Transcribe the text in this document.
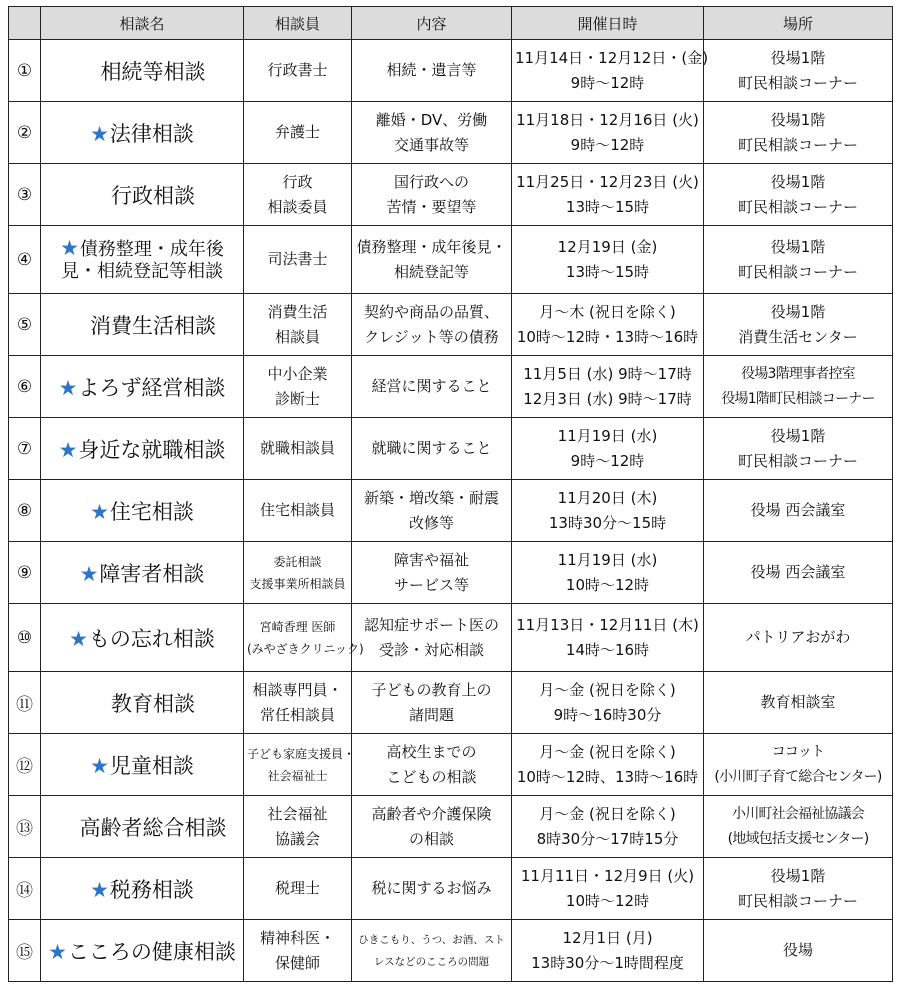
	相談名	相談員	内容	開催日時	場所
①	相続等相談	行政書士	相続・遺言等	11月14日・12月12日・(金)
9時～12時	役場1階
町民相談コーナー

②	★法律相談	弁護士	離婚・DV、労働
交通事故等	11月18日・12月16日 (火)
9時～12時	役場1階
町民相談コーナー

③	行政相談	行政
相談委員	国行政への
苦情・要望等	11月25日・12月23日 (火)
13時～15時	役場1階
町民相談コーナー

④	★債務整理・成年後見・相続登記等相談	司法書士	債務整理・成年後見・
相続登記等	12月19日 (金)
13時～15時	役場1階
町民相談コーナー

⑤	消費生活相談	消費生活
相談員	契約や商品の品質、
クレジット等の債務	月～木 (祝日を除く)
10時～12時・13時～16時	役場1階
消費生活センター

⑥	★よろず経営相談	中小企業
診断士	経営に関すること	11月5日 (水) 9時～17時
12月3日 (水) 9時～17時	役場3階理事者控室
役場1階町民相談コーナー

⑦	★身近な就職相談	就職相談員	就職に関すること	11月19日 (水)
9時～12時	役場1階
町民相談コーナー

⑧	★住宅相談	住宅相談員	新築・増改築・耐震
改修等	11月20日 (木)
13時30分～15時	役場 西会議室

⑨	★障害者相談	委託相談
支援事業所相談員	障害や福祉
サービス等	11月19日 (水)
10時～12時	役場 西会議室

⑩	★もの忘れ相談	宮崎香理 医師
(みやざきクリニック)	認知症サポート医の
受診・対応相談	11月13日・12月11日 (木)
14時～16時	パトリアおがわ

⑪	教育相談	相談専門員・
常任相談員	子どもの教育上の
諸問題	月～金 (祝日を除く)
9時～16時30分	教育相談室

⑫	★児童相談	子ども家庭支援員・
社会福祉士	高校生までの
こどもの相談	月～金 (祝日を除く)
10時～12時、13時～16時	ココット
(小川町子育て総合センター)

⑬	高齢者総合相談	社会福祉
協議会	高齢者や介護保険
の相談	月～金 (祝日を除く)
8時30分～17時15分	小川町社会福祉協議会
(地域包括支援センター)

⑭	★税務相談	税理士	税に関するお悩み	11月11日・12月9日 (火)
10時～12時	役場1階
町民相談コーナー

⑮	★こころの健康相談	精神科医・
保健師	ひきこもり、うつ、お酒、スト
レスなどのこころの問題	12月1日 (月)
13時30分～1時間程度	役場
